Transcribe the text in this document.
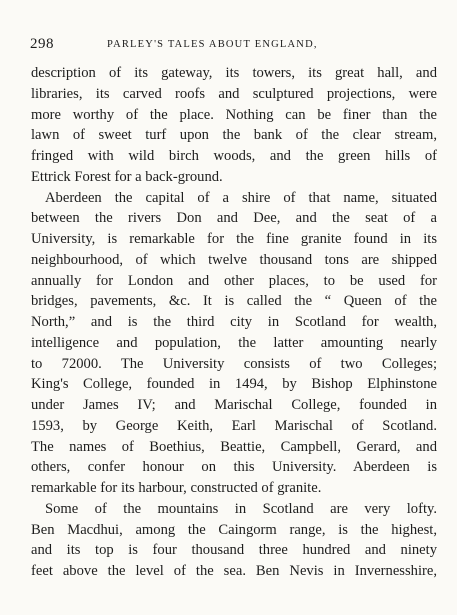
298	PARLEY'S TALES ABOUT ENGLAND,
description of its gateway, its towers, its great hall, and
libraries, its carved roofs and sculptured projections, were
more worthy of the place. Nothing can be finer than the
lawn of sweet turf upon the bank of the clear stream,
fringed with wild birch woods, and the green hills of
Ettrick Forest for a back-ground.
Aberdeen the capital of a shire of that name, situated
between the rivers Don and Dee, and the seat of a
University, is remarkable for the fine granite found in its
neighbourhood, of which twelve thousand tons are shipped
annually for London and other places, to be used for
bridges, pavements, &c. It is called the “ Queen of the
North,” and is the third city in Scotland for wealth,
intelligence and population, the latter amounting nearly
to 72000. The University consists of two Colleges;
King's College, founded in 1494, by Bishop Elphinstone
under James IV; and Marischal College, founded in
1593, by George Keith, Earl Marischal of Scotland.
The names of Boethius, Beattie, Campbell, Gerard, and
others, confer honour on this University. Aberdeen is
remarkable for its harbour, constructed of granite.
Some of the mountains in Scotland are very lofty.
Ben Macdhui, among the Caingorm range, is the highest,
and its top is four thousand three hundred and ninety
feet above the level of the sea. Ben Nevis in Invernesshire,
